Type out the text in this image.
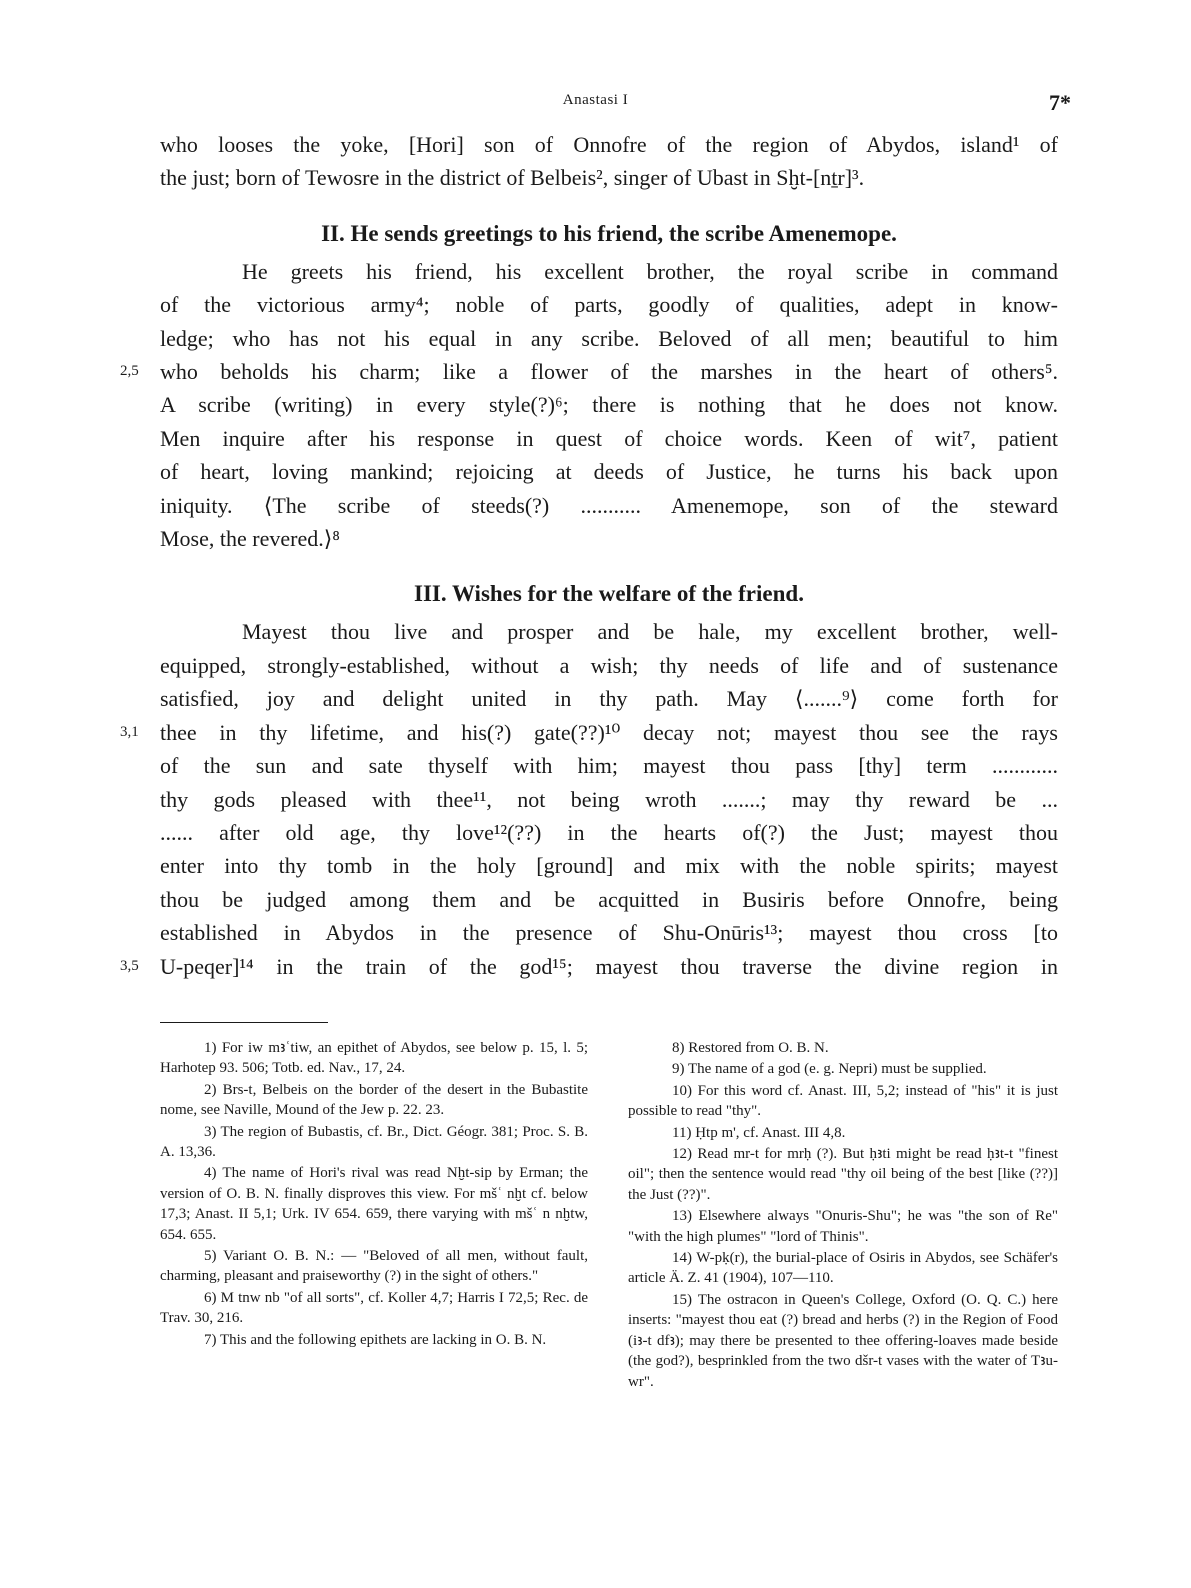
Anastasi I	7*

who looses the yoke, [Hori] son of Onnofre of the region of Abydos, island¹ of
the just; born of Tewosre in the district of Belbeis², singer of Ubast in Sḫt-[nṯr]³.

II. He sends greetings to his friend, the scribe Amenemope.

He greets his friend, his excellent brother, the royal scribe in command
of the victorious army⁴; noble of parts, goodly of qualities, adept in know-
ledge; who has not his equal in any scribe. Beloved of all men; beautiful to him
2,5 who beholds his charm; like a flower of the marshes in the heart of others⁵.
A scribe (writing) in every style(?)⁶; there is nothing that he does not know.
Men inquire after his response in quest of choice words. Keen of wit⁷, patient
of heart, loving mankind; rejoicing at deeds of Justice, he turns his back upon
iniquity. ⟨The scribe of steeds(?) ........... Amenemope, son of the steward
Mose, the revered.⟩⁸

III. Wishes for the welfare of the friend.

Mayest thou live and prosper and be hale, my excellent brother, well-
equipped, strongly-established, without a wish; thy needs of life and of sustenance
satisfied, joy and delight united in thy path. May ⟨.......⁹⟩ come forth for
3,1 thee in thy lifetime, and his(?) gate(??)¹⁰ decay not; mayest thou see the rays
of the sun and sate thyself with him; mayest thou pass [thy] term ............
thy gods pleased with thee¹¹, not being wroth .......; may thy reward be ...
...... after old age, thy love¹²(??) in the hearts of(?) the Just; mayest thou
enter into thy tomb in the holy [ground] and mix with the noble spirits; mayest
thou be judged among them and be acquitted in Busiris before Onnofre, being
established in Abydos in the presence of Shu-Onūris¹³; mayest thou cross [to
3,5 U-peqer]¹⁴ in the train of the god¹⁵; mayest thou traverse the divine region in

1) For iw mꜣʿtiw, an epithet of Abydos, see below p. 15, l. 5; Harhotep 93. 506; Totb. ed. Nav., 17, 24.

2) Brs-t, Belbeis on the border of the desert in the Bubastite nome, see Naville, Mound of the Jew p. 22. 23.

3) The region of Bubastis, cf. Br., Dict. Géogr. 381; Proc. S. B. A. 13,36.

4) The name of Hori's rival was read Nḫt-sip by Erman; the version of O. B. N. finally disproves this view. For mšʿ nḫt cf. below 17,3; Anast. II 5,1; Urk. IV 654. 659, there varying with mšʿ n nḫtw, 654. 655.

5) Variant O. B. N.: — "Beloved of all men, without fault, charming, pleasant and praiseworthy (?) in the sight of others."

6) M tnw nb "of all sorts", cf. Koller 4,7; Harris I 72,5; Rec. de Trav. 30, 216.

7) This and the following epithets are lacking in O. B. N.

8) Restored from O. B. N.

9) The name of a god (e. g. Nepri) must be supplied.

10) For this word cf. Anast. III, 5,2; instead of "his" it is just possible to read "thy".

11) Ḥtp m', cf. Anast. III 4,8.

12) Read mr-t for mrḥ (?). But ḥꜣti might be read ḥꜣt-t "finest oil"; then the sentence would read "thy oil being of the best [like (??)] the Just (??)".

13) Elsewhere always "Onuris-Shu"; he was "the son of Re" "with the high plumes" "lord of Thinis".

14) W-pḳ(r), the burial-place of Osiris in Abydos, see Schäfer's article Ä. Z. 41 (1904), 107—110.

15) The ostracon in Queen's College, Oxford (O. Q. C.) here inserts: "mayest thou eat (?) bread and herbs (?) in the Region of Food (iꜣ-t dfꜣ); may there be presented to thee offering-loaves made beside (the god?), besprinkled from the two dšr-t vases with the water of Tꜣu-wr".
